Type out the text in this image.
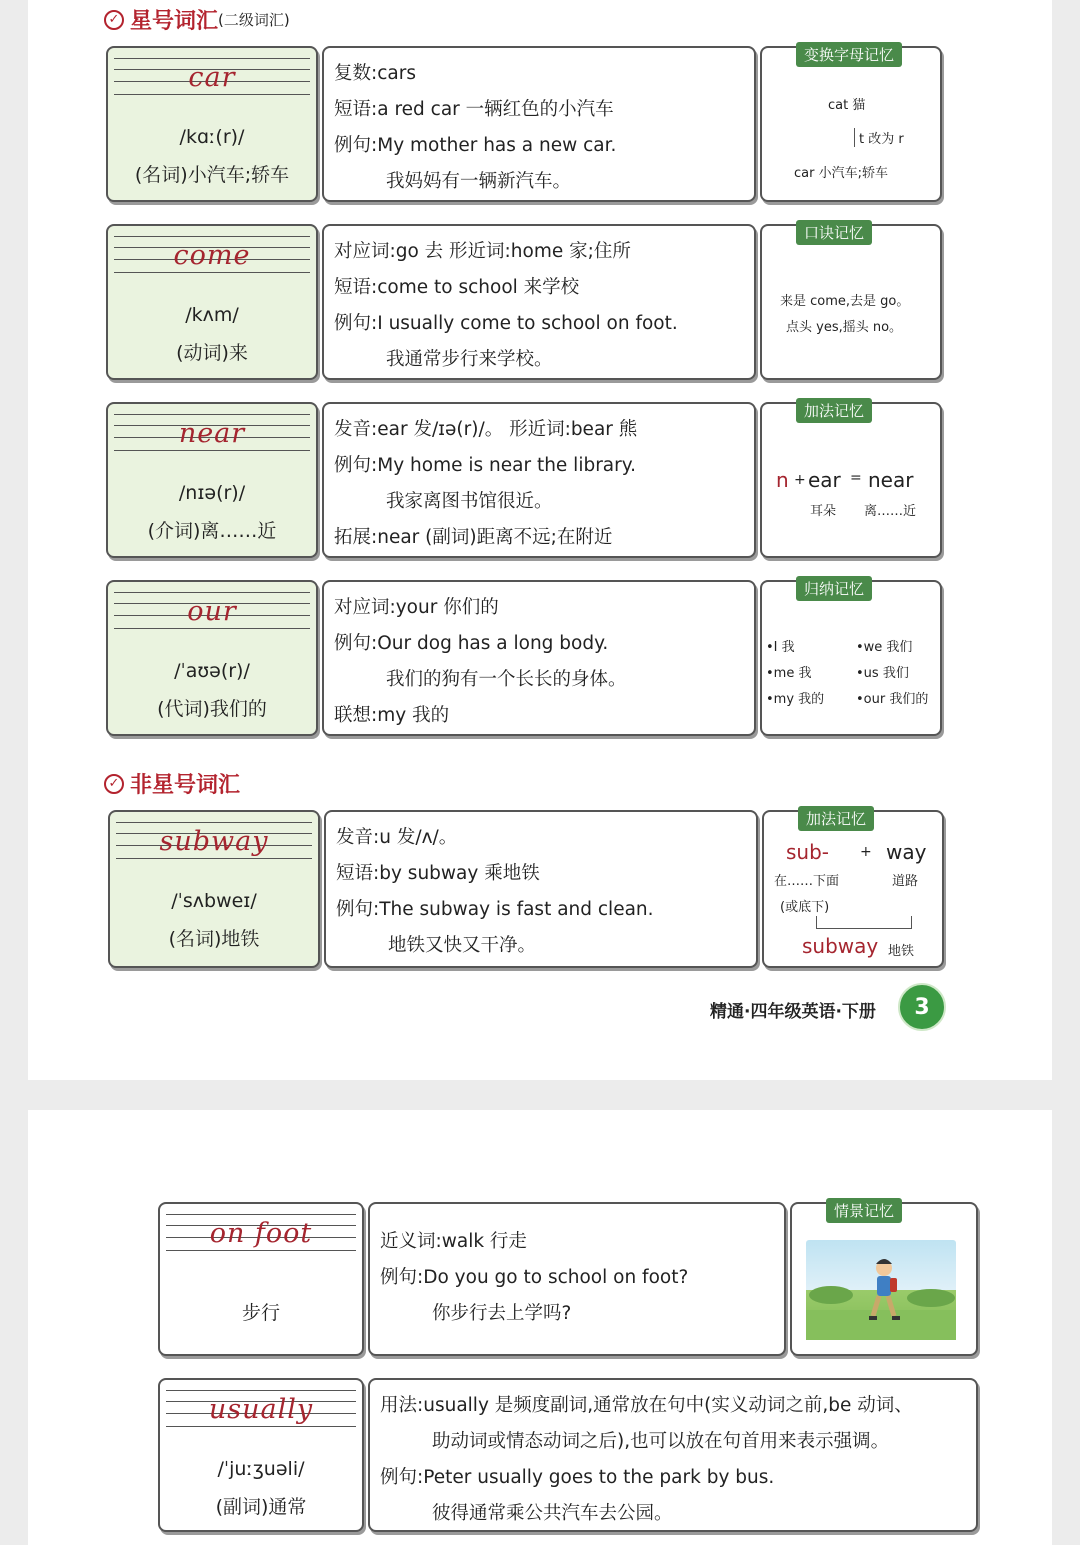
✓ 星号词汇 (二级词汇)
car
/kɑː(r)/
(名词)小汽车;轿车
复数:cars
短语:a red car 一辆红色的小汽车
例句:My mother has a new car.
我妈妈有一辆新汽车。
变换字母记忆
cat 猫
t 改为 r
car 小汽车;轿车
come
/kʌm/
(动词)来
对应词:go 去 形近词:home 家;住所
短语:come to school 来学校
例句:I usually come to school on foot.
我通常步行来学校。
口诀记忆
来是 come,去是 go。
点头 yes,摇头 no。
near
/nɪə(r)/
(介词)离……近
发音:ear 发/ɪə(r)/。 形近词:bear 熊
例句:My home is near the library.
我家离图书馆很近。
拓展:near (副词)距离不远;在附近
加法记忆
n + ear = near
耳朵 离……近
our
/ˈaʊə(r)/
(代词)我们的
对应词:your 你们的
例句:Our dog has a long body.
我们的狗有一个长长的身体。
联想:my 我的
归纳记忆
•I 我	•we 我们
•me 我	•us 我们
•my 我的 •our 我们的
✓ 非星号词汇
subway
/ˈsʌbweɪ/
(名词)地铁
发音:u 发/ʌ/。
短语:by subway 乘地铁
例句:The subway is fast and clean.
地铁又快又干净。
加法记忆
sub- + way
在……下面
(或底下)
道路
subway 地铁
精通·四年级英语·下册	3
on foot
步行
近义词:walk 行走
例句:Do you go to school on foot?
你步行去上学吗?
情景记忆
usually
/ˈjuːʒuəli/
(副词)通常
用法:usually 是频度副词,通常放在句中(实义动词之前,be 动词、
助动词或情态动词之后),也可以放在句首用来表示强调。
例句:Peter usually goes to the park by bus.
彼得通常乘公共汽车去公园。
